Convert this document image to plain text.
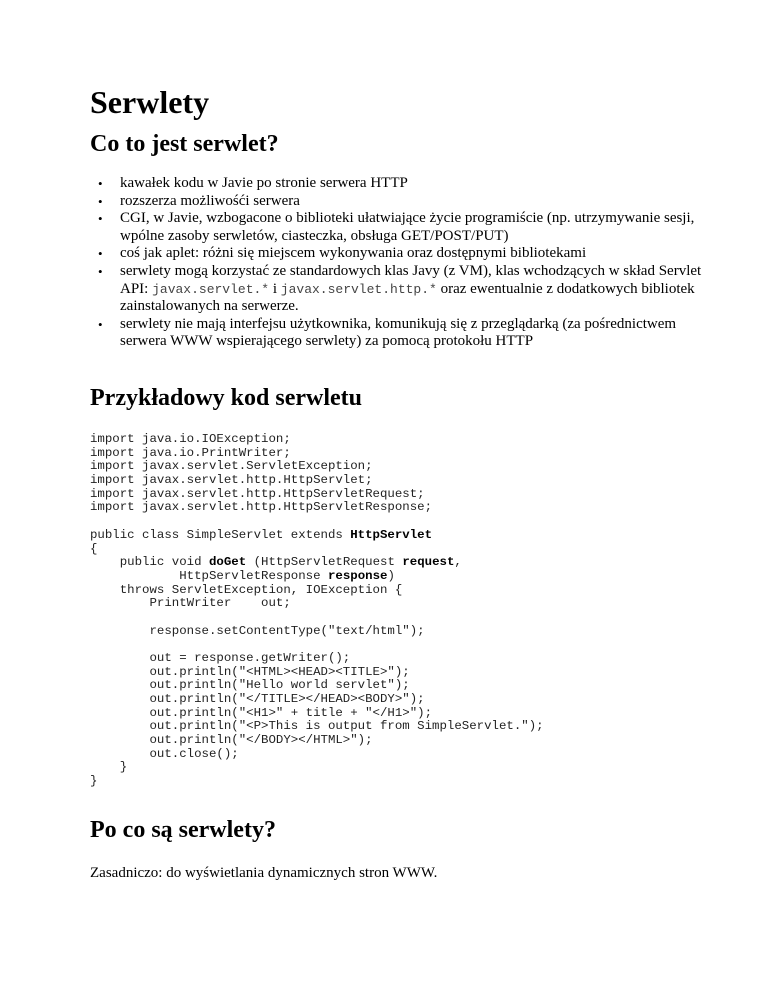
Serwlety
Co to jest serwlet?
• kawałek kodu w Javie po stronie serwera HTTP
• rozszerza możliwośći serwera
• CGI, w Javie, wzbogacone o biblioteki ułatwiające życie programiście (np. utrzymywanie sesji, wpólne zasoby serwletów, ciasteczka, obsługa GET/POST/PUT)
• coś jak aplet: różni się miejscem wykonywania oraz dostępnymi bibliotekami
• serwlety mogą korzystać ze standardowych klas Javy (z VM), klas wchodzących w skład Servlet API: javax.servlet.* i javax.servlet.http.* oraz ewentualnie z dodatkowych bibliotek zainstalowanych na serwerze.
• serwlety nie mają interfejsu użytkownika, komunikują się z przeglądarką (za pośrednictwem serwera WWW wspierającego serwlety) za pomocą protokołu HTTP
Przykładowy kod serwletu
import java.io.IOException;
import java.io.PrintWriter;
import javax.servlet.ServletException;
import javax.servlet.http.HttpServlet;
import javax.servlet.http.HttpServletRequest;
import javax.servlet.http.HttpServletResponse;

public class SimpleServlet extends HttpServlet
{
public void doGet (HttpServletRequest request,
HttpServletResponse response)
throws ServletException, IOException {
PrintWriter    out;

response.setContentType("text/html");

out = response.getWriter();
out.println("<HTML><HEAD><TITLE>");
out.println("Hello world servlet");
out.println("</TITLE></HEAD><BODY>");
out.println("<H1>" + title + "</H1>");
out.println("<P>This is output from SimpleServlet.");
out.println("</BODY></HTML>");
out.close();
}
}

Po co są serwlety?

Zasadniczo: do wyświetlania dynamicznych stron WWW.
